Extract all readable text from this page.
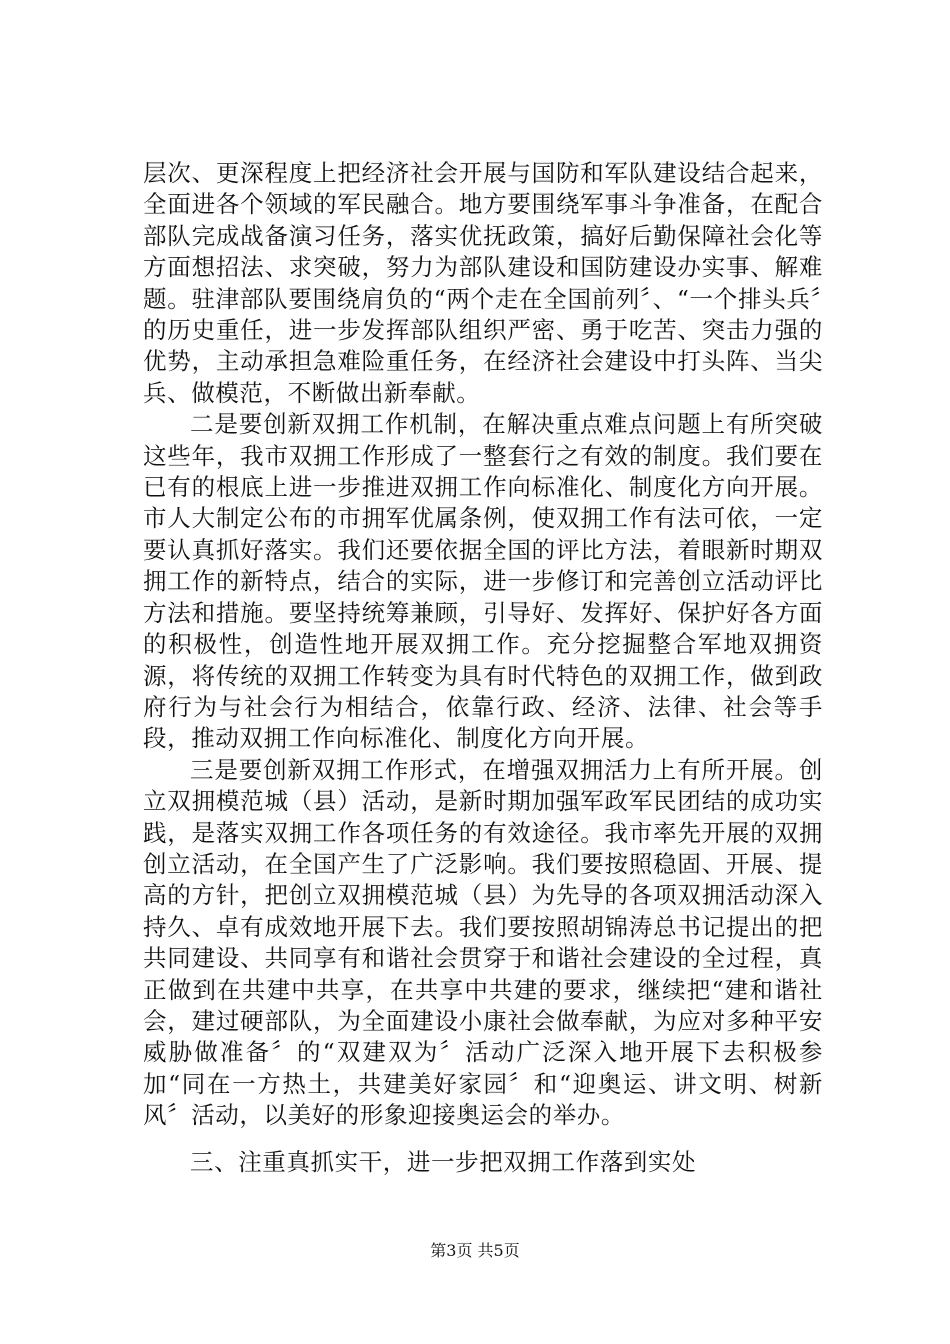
层次、更深程度上把经济社会开展与国防和军队建设结合起来，全面进各个领域的军民融合。地方要围绕军事斗争准备，在配合部队完成战备演习任务，落实优抚政策，搞好后勤保障社会化等方面想招法、求突破，努力为部队建设和国防建设办实事、解难题。驻津部队要围绕肩负的“两个走在全国前列〞、“一个排头兵〞的历史重任，进一步发挥部队组织严密、勇于吃苦、突击力强的优势，主动承担急难险重任务，在经济社会建设中打头阵、当尖兵、做模范，不断做出新奉献。

二是要创新双拥工作机制，在解决重点难点问题上有所突破这些年，我市双拥工作形成了一整套行之有效的制度。我们要在已有的根底上进一步推进双拥工作向标准化、制度化方向开展。市人大制定公布的市拥军优属条例，使双拥工作有法可依，一定要认真抓好落实。我们还要依据全国的评比方法，着眼新时期双拥工作的新特点，结合的实际，进一步修订和完善创立活动评比方法和措施。要坚持统筹兼顾，引导好、发挥好、保护好各方面的积极性，创造性地开展双拥工作。充分挖掘整合军地双拥资源，将传统的双拥工作转变为具有时代特色的双拥工作，做到政府行为与社会行为相结合，依靠行政、经济、法律、社会等手段，推动双拥工作向标准化、制度化方向开展。

三是要创新双拥工作形式，在增强双拥活力上有所开展。创立双拥模范城（县）活动，是新时期加强军政军民团结的成功实践，是落实双拥工作各项任务的有效途径。我市率先开展的双拥创立活动，在全国产生了广泛影响。我们要按照稳固、开展、提高的方针，把创立双拥模范城（县）为先导的各项双拥活动深入持久、卓有成效地开展下去。我们要按照胡锦涛总书记提出的把共同建设、共同享有和谐社会贯穿于和谐社会建设的全过程，真正做到在共建中共享，在共享中共建的要求，继续把“建和谐社会，建过硬部队，为全面建设小康社会做奉献，为应对多种平安威胁做准备〞的“双建双为〞活动广泛深入地开展下去积极参加“同在一方热土，共建美好家园〞和“迎奥运、讲文明、树新风〞活动，以美好的形象迎接奥运会的举办。

三、注重真抓实干，进一步把双拥工作落到实处

第3页 共5页
